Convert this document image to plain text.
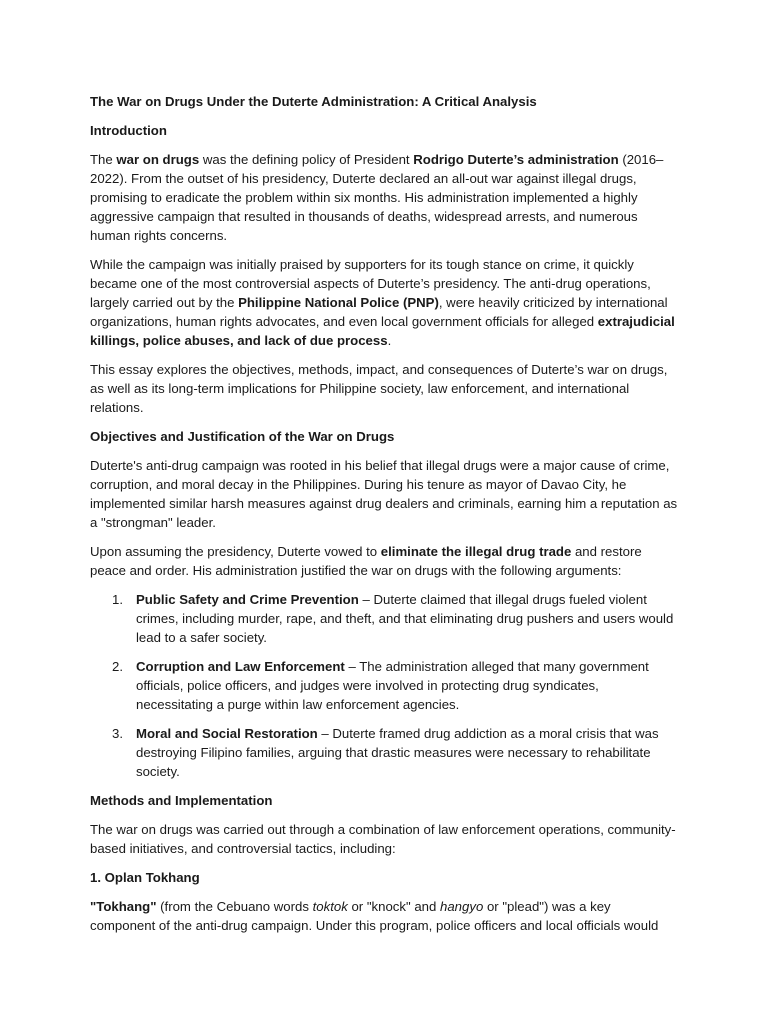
The War on Drugs Under the Duterte Administration: A Critical Analysis

Introduction

The war on drugs was the defining policy of President Rodrigo Duterte’s administration (2016–2022). From the outset of his presidency, Duterte declared an all-out war against illegal drugs, promising to eradicate the problem within six months. His administration implemented a highly aggressive campaign that resulted in thousands of deaths, widespread arrests, and numerous human rights concerns.

While the campaign was initially praised by supporters for its tough stance on crime, it quickly became one of the most controversial aspects of Duterte’s presidency. The anti-drug operations, largely carried out by the Philippine National Police (PNP), were heavily criticized by international organizations, human rights advocates, and even local government officials for alleged extrajudicial killings, police abuses, and lack of due process.

This essay explores the objectives, methods, impact, and consequences of Duterte’s war on drugs, as well as its long-term implications for Philippine society, law enforcement, and international relations.

Objectives and Justification of the War on Drugs

Duterte's anti-drug campaign was rooted in his belief that illegal drugs were a major cause of crime, corruption, and moral decay in the Philippines. During his tenure as mayor of Davao City, he implemented similar harsh measures against drug dealers and criminals, earning him a reputation as a "strongman" leader.

Upon assuming the presidency, Duterte vowed to eliminate the illegal drug trade and restore peace and order. His administration justified the war on drugs with the following arguments:

1. Public Safety and Crime Prevention – Duterte claimed that illegal drugs fueled violent crimes, including murder, rape, and theft, and that eliminating drug pushers and users would lead to a safer society.
2. Corruption and Law Enforcement – The administration alleged that many government officials, police officers, and judges were involved in protecting drug syndicates, necessitating a purge within law enforcement agencies.
3. Moral and Social Restoration – Duterte framed drug addiction as a moral crisis that was destroying Filipino families, arguing that drastic measures were necessary to rehabilitate society.

Methods and Implementation

The war on drugs was carried out through a combination of law enforcement operations, community-based initiatives, and controversial tactics, including:

1. Oplan Tokhang

"Tokhang" (from the Cebuano words toktok or "knock" and hangyo or "plead") was a key component of the anti-drug campaign. Under this program, police officers and local officials would
